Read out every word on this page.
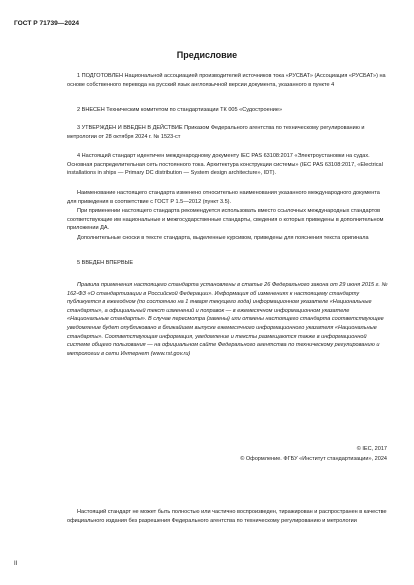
ГОСТ Р 71739—2024
Предисловие
1 ПОДГОТОВЛЕН Национальной ассоциацией производителей источников тока «РУСБАТ» (Ассоциация «РУСБАТ») на основе собственного перевода на русский язык англоязычной версии документа, указанного в пункте 4
2 ВНЕСЕН Техническим комитетом по стандартизации ТК 005 «Судостроение»
3 УТВЕРЖДЕН И ВВЕДЕН В ДЕЙСТВИЕ Приказом Федерального агентства по техническому регулированию и метрологии от 28 октября 2024 г. № 1523-ст
4 Настоящий стандарт идентичен международному документу IEC PAS 63108:2017 «Электроустановки на судах. Основная распределительная сеть постоянного тока. Архитектура конструкции системы» (IEC PAS 63108:2017, «Electrical installations in ships — Primary DC distribution — System design architecture», IDT).
Наименование настоящего стандарта изменено относительно наименования указанного международного документа для приведения в соответствие с ГОСТ Р 1.5—2012 (пункт 3.5).
При применении настоящего стандарта рекомендуется использовать вместо ссылочных международных стандартов соответствующие им национальные и межгосударственные стандарты, сведения о которых приведены в дополнительном приложении ДА.
Дополнительные сноски в тексте стандарта, выделенные курсивом, приведены для пояснения текста оригинала
5 ВВЕДЕН ВПЕРВЫЕ
Правила применения настоящего стандарта установлены в статье 26 Федерального закона от 29 июня 2015 г. № 162-ФЗ «О стандартизации в Российской Федерации». Информация об изменениях к настоящему стандарту публикуется в ежегодном (по состоянию на 1 января текущего года) информационном указателе «Национальные стандарты», а официальный текст изменений и поправок — в ежемесячном информационном указателе «Национальные стандарты». В случае пересмотра (замены) или отмены настоящего стандарта соответствующее уведомление будет опубликовано в ближайшем выпуске ежемесячного информационного указателя «Национальные стандарты». Соответствующая информация, уведомление и тексты размещаются также в информационной системе общего пользования — на официальном сайте Федерального агентства по техническому регулированию и метрологии в сети Интернет (www.rst.gov.ru)
© IEC, 2017
© Оформление. ФГБУ «Институт стандартизации», 2024
Настоящий стандарт не может быть полностью или частично воспроизведен, тиражирован и распространен в качестве официального издания без разрешения Федерального агентства по техническому регулированию и метрологии
II
